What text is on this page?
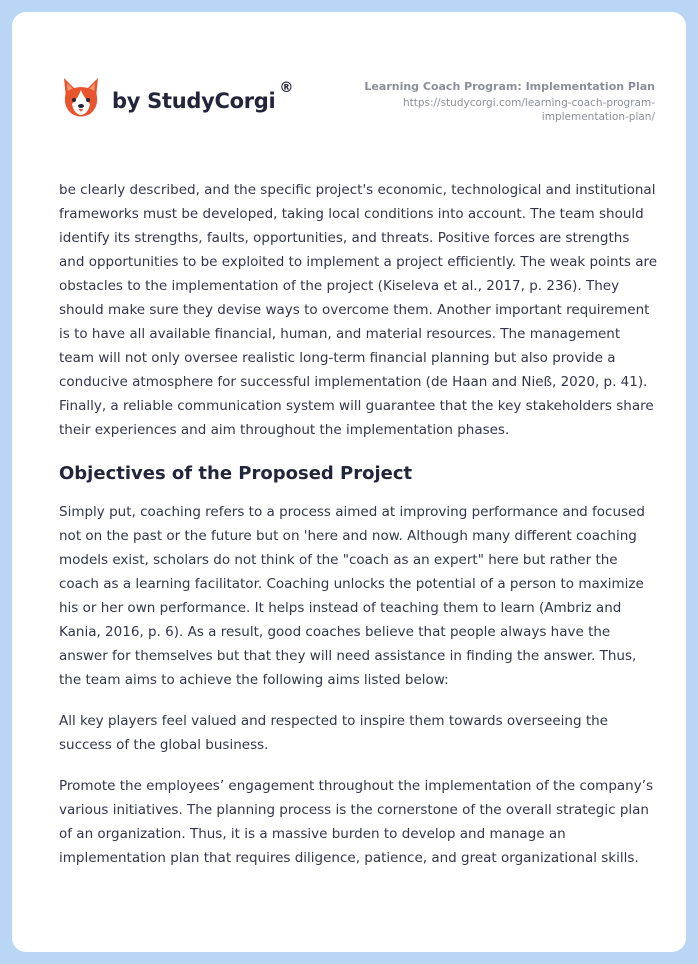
by StudyCorgi
®	Learning Coach Program: Implementation Plan
https://studycorgi.com/learning-coach-program-implementation-plan/

be clearly described, and the specific project's economic, technological and institutional frameworks must be developed, taking local conditions into account. The team should identify its strengths, faults, opportunities, and threats. Positive forces are strengths and opportunities to be exploited to implement a project efficiently. The weak points are obstacles to the implementation of the project (Kiseleva et al., 2017, p. 236). They should make sure they devise ways to overcome them. Another important requirement is to have all available financial, human, and material resources. The management team will not only oversee realistic long-term financial planning but also provide a conducive atmosphere for successful implementation (de Haan and Nieß, 2020, p. 41). Finally, a reliable communication system will guarantee that the key stakeholders share their experiences and aim throughout the implementation phases.

Objectives of the Proposed Project

Simply put, coaching refers to a process aimed at improving performance and focused not on the past or the future but on 'here and now. Although many different coaching models exist, scholars do not think of the "coach as an expert" here but rather the coach as a learning facilitator. Coaching unlocks the potential of a person to maximize his or her own performance. It helps instead of teaching them to learn (Ambriz and Kania, 2016, p. 6). As a result, good coaches believe that people always have the answer for themselves but that they will need assistance in finding the answer. Thus, the team aims to achieve the following aims listed below:

All key players feel valued and respected to inspire them towards overseeing the success of the global business.

Promote the employees’ engagement throughout the implementation of the company’s various initiatives. The planning process is the cornerstone of the overall strategic plan of an organization. Thus, it is a massive burden to develop and manage an implementation plan that requires diligence, patience, and great organizational skills.
